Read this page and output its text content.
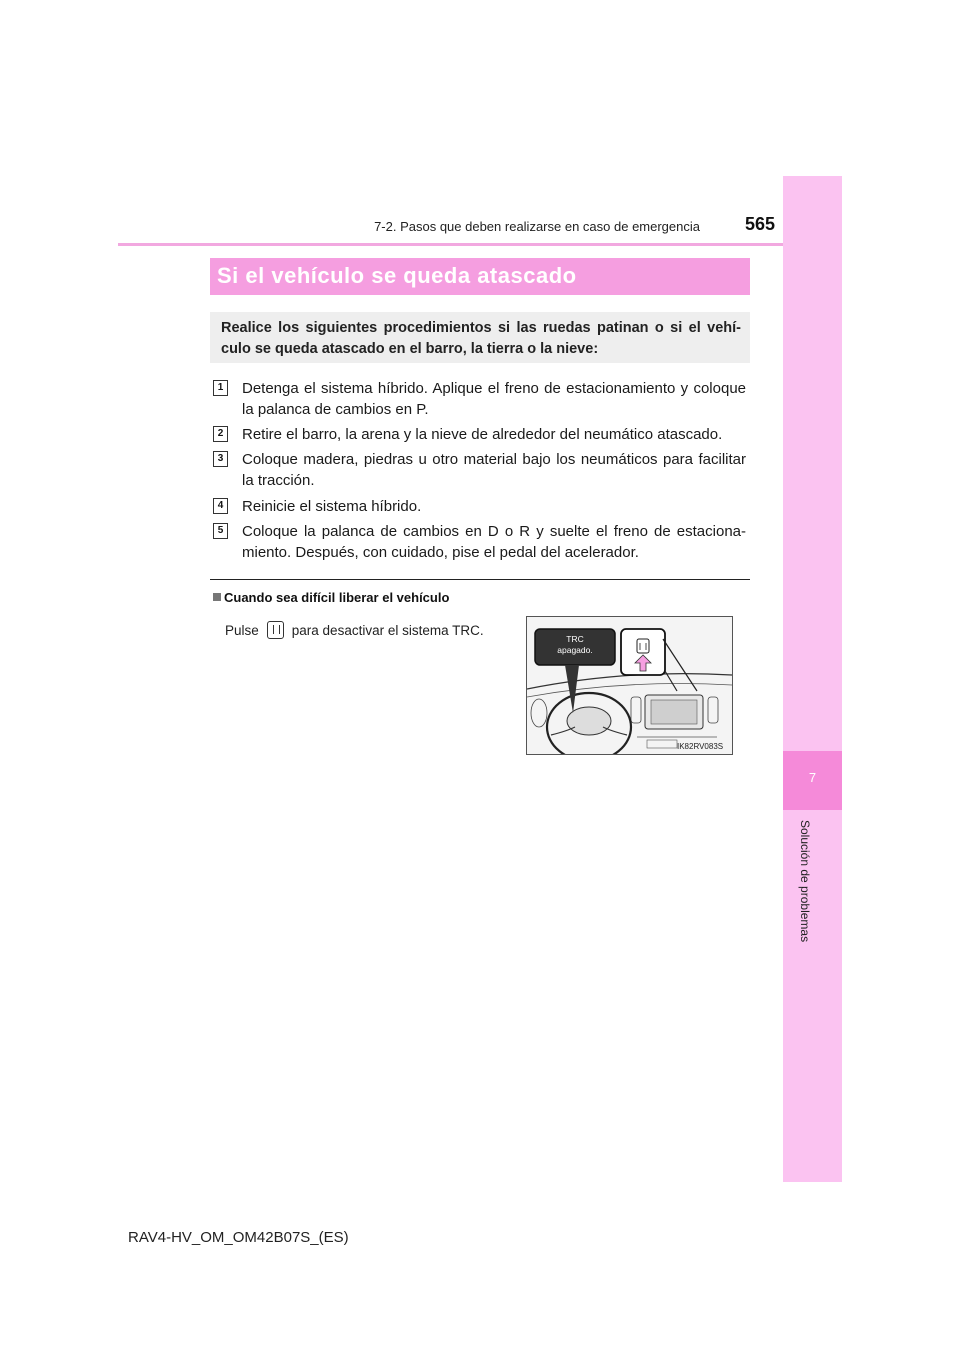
7-2. Pasos que deben realizarse en caso de emergencia	565
7
Solución de problemas
Si el vehículo se queda atascado
Realice los siguientes procedimientos si las ruedas patinan o si el vehí-culo se queda atascado en el barro, la tierra o la nieve:
1	Detenga el sistema híbrido. Aplique el freno de estacionamiento y coloque la palanca de cambios en P.
2	Retire el barro, la arena y la nieve de alrededor del neumático atascado.
3	Coloque madera, piedras u otro material bajo los neumáticos para facilitar la tracción.
4	Reinicie el sistema híbrido.
5	Coloque la palanca de cambios en D o R y suelte el freno de estaciona-miento. Después, con cuidado, pise el pedal del acelerador.
Cuando sea difícil liberar el vehículo
Pulse para desactivar el sistema TRC.
TRC
apagado.
IK82RV083S
RAV4-HV_OM_OM42B07S_(ES)
